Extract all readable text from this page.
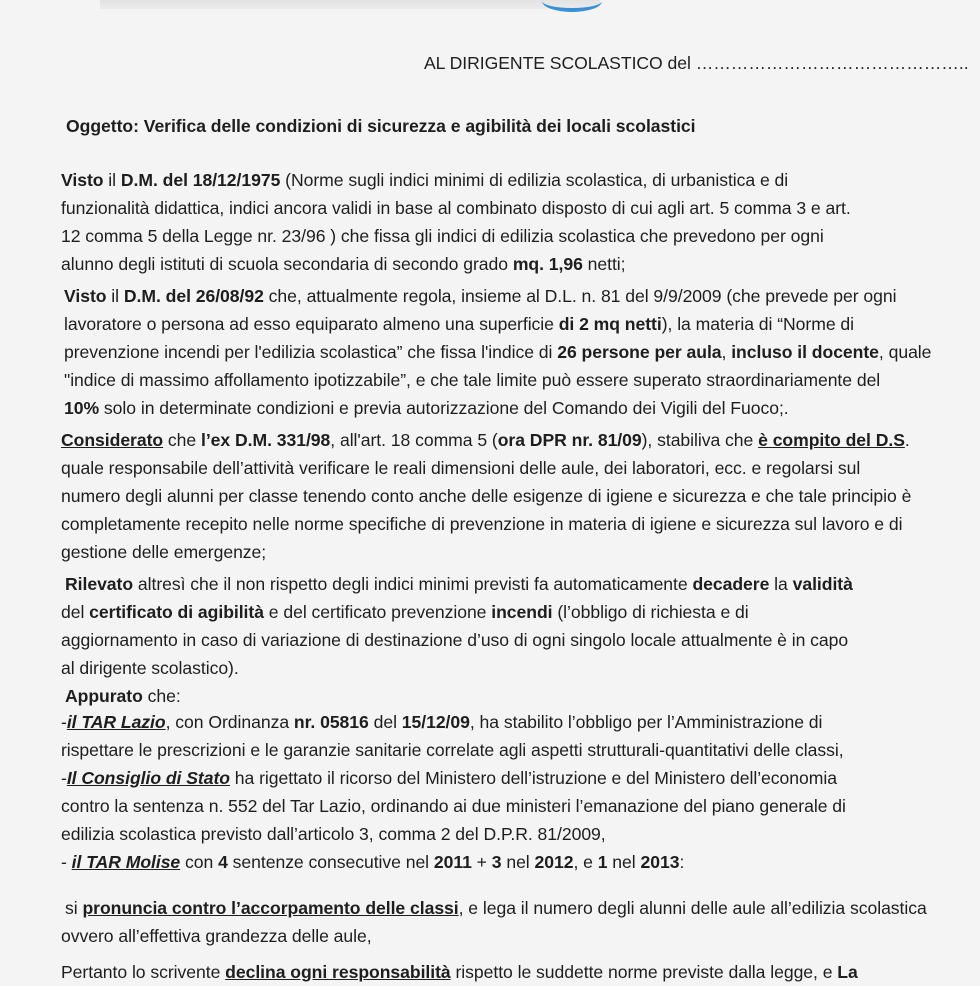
AL DIRIGENTE SCOLASTICO del ………………………………………..
Oggetto: Verifica delle condizioni di sicurezza e agibilità dei locali scolastici
Visto il D.M. del 18/12/1975 (Norme sugli indici minimi di edilizia scolastica, di urbanistica e di
funzionalità didattica, indici ancora validi in base al combinato disposto di cui agli art. 5 comma 3 e art.
12 comma 5 della Legge nr. 23/96 ) che fissa gli indici di edilizia scolastica che prevedono per ogni
alunno degli istituti di scuola secondaria di secondo grado mq. 1,96 netti;
Visto il D.M. del 26/08/92 che, attualmente regola, insieme al D.L. n. 81 del 9/9/2009 (che prevede per ogni
lavoratore o persona ad esso equiparato almeno una superficie di 2 mq netti), la materia di “Norme di
prevenzione incendi per l'edilizia scolastica” che fissa l'indice di 26 persone per aula, incluso il docente, quale
"indice di massimo affollamento ipotizzabile”, e che tale limite può essere superato straordinariamente del
10% solo in determinate condizioni e previa autorizzazione del Comando dei Vigili del Fuoco;.
Considerato che l’ex D.M. 331/98, all'art. 18 comma 5 (ora DPR nr. 81/09), stabiliva che è compito del D.S.
quale responsabile dell’attività verificare le reali dimensioni delle aule, dei laboratori, ecc. e regolarsi sul
numero degli alunni per classe tenendo conto anche delle esigenze di igiene e sicurezza e che tale principio è
completamente recepito nelle norme specifiche di prevenzione in materia di igiene e sicurezza sul lavoro e di
gestione delle emergenze;
Rilevato altresì che il non rispetto degli indici minimi previsti fa automaticamente decadere la validità
del certificato di agibilità e del certificato prevenzione incendi (l’obbligo di richiesta e di
aggiornamento in caso di variazione di destinazione d’uso di ogni singolo locale attualmente è in capo
al dirigente scolastico).
Appurato che:
-il TAR Lazio, con Ordinanza nr. 05816 del 15/12/09, ha stabilito l’obbligo per l’Amministrazione di
rispettare le prescrizioni e le garanzie sanitarie correlate agli aspetti strutturali-quantitativi delle classi,
-Il Consiglio di Stato ha rigettato il ricorso del Ministero dell’istruzione e del Ministero dell’economia
contro la sentenza n. 552 del Tar Lazio, ordinando ai due ministeri l’emanazione del piano generale di
edilizia scolastica previsto dall’articolo 3, comma 2 del D.P.R. 81/2009,
- il TAR Molise con 4 sentenze consecutive nel 2011 + 3 nel 2012, e 1 nel 2013:
si pronuncia contro l’accorpamento delle classi, e lega il numero degli alunni delle aule all’edilizia scolastica
ovvero all’effettiva grandezza delle aule,
Pertanto lo scrivente declina ogni responsabilità rispetto le suddette norme previste dalla legge, e La
